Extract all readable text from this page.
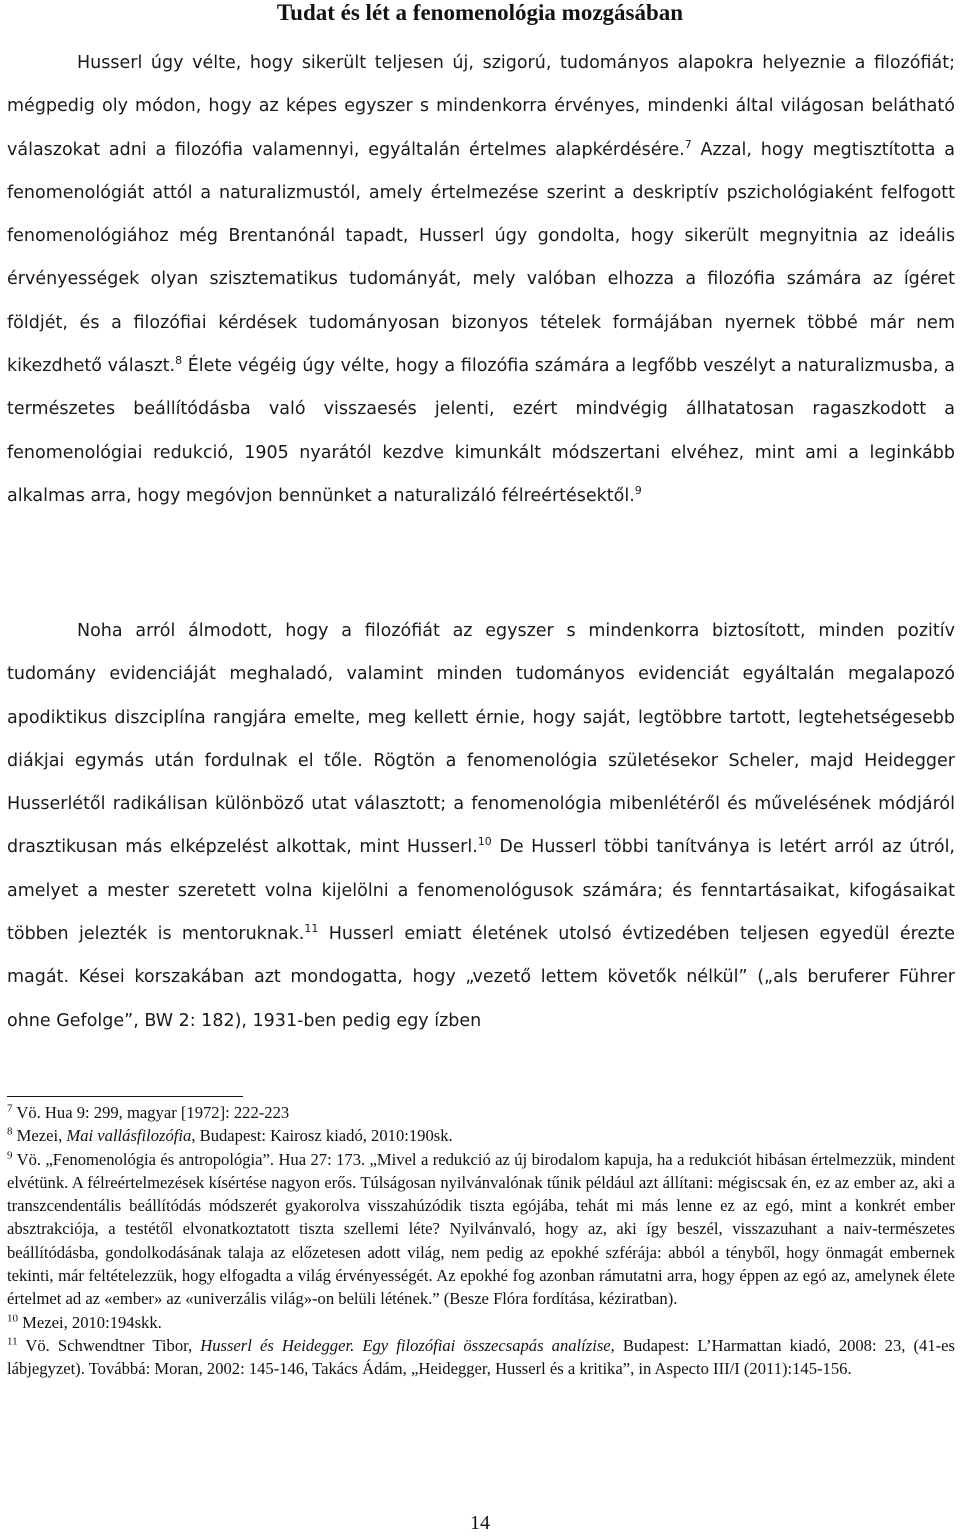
Tudat és lét a fenomenológia mozgásában

Husserl úgy vélte, hogy sikerült teljesen új, szigorú, tudományos alapokra helyeznie a filozófiát; mégpedig oly módon, hogy az képes egyszer s mindenkorra érvényes, mindenki által világosan belátható válaszokat adni a filozófia valamennyi, egyáltalán értelmes alapkérdésére.$^7$ Azzal, hogy megtisztította a fenomenológiát attól a naturalizmustól, amely értelmezése szerint a deskriptív pszichológiaként felfogott fenomenológiához még Brentanónál tapadt, Husserl úgy gondolta, hogy sikerült megnyitnia az ideális érvényességek olyan szisztematikus tudományát, mely valóban elhozza a filozófia számára az ígéret földjét, és a filozófiai kérdések tudományosan bizonyos tételek formájában nyernek többé már nem kikezdhető választ.$^8$ Élete végéig úgy vélte, hogy a filozófia számára a legfőbb veszélyt a naturalizmusba, a természetes beállítódásba való visszaesés jelenti, ezért mindvégig állhatatosan ragaszkodott a fenomenológiai redukció, 1905 nyarától kezdve kimunkált módszertani elvéhez, mint ami a leginkább alkalmas arra, hogy megóvjon bennünket a naturalizáló félreértésektől.$^9$

Noha arról álmodott, hogy a filozófiát az egyszer s mindenkorra biztosított, minden pozitív tudomány evidenciáját meghaladó, valamint minden tudományos evidenciát egyáltalán megalapozó apodiktikus diszciplína rangjára emelte, meg kellett érnie, hogy saját, legtöbbre tartott, legtehetségesebb diákjai egymás után fordulnak el tőle. Rögtön a fenomenológia születésekor Scheler, majd Heidegger Husserlétől radikálisan különböző utat választott; a fenomenológia mibenlétéről és művelésének módjáról drasztikusan más elképzelést alkottak, mint Husserl.$^{10}$ De Husserl többi tanítványa is letért arról az útról, amelyet a mester szeretett volna kijelölni a fenomenológusok számára; és fenntartásaikat, kifogásaikat többen jelezték is mentoruknak.$^{11}$ Husserl emiatt életének utolsó évtizedében teljesen egyedül érezte magát. Kései korszakában azt mondogatta, hogy „vezető lettem követők nélkül” („als beruferer Führer ohne Gefolge”, BW 2: 182), 1931-ben pedig egy ízben

$^7$ Vö. Hua 9: 299, magyar [1972]: 222-223

$^8$ Mezei, Mai vallásfilozófia, Budapest: Kairosz kiadó, 2010:190sk.

$^9$ Vö. „Fenomenológia és antropológia”. Hua 27: 173. „Mivel a redukció az új birodalom kapuja, ha a redukciót hibásan értelmezzük, mindent elvétünk. A félreértelmezések kísértése nagyon erős. Túlságosan nyilvánvalónak tűnik például azt állítani: mégiscsak én, ez az ember az, aki a transzcendentális beállítódás módszerét gyakorolva visszahúzódik tiszta egójába, tehát mi más lenne ez az egó, mint a konkrét ember absztrakciója, a testétől elvonatkoztatott tiszta szellemi léte? Nyilvánvaló, hogy az, aki így beszél, visszazuhant a naiv-természetes beállítódásba, gondolkodásának talaja az előzetesen adott világ, nem pedig az epokhé szférája: abból a tényből, hogy önmagát embernek tekinti, már feltételezzük, hogy elfogadta a világ érvényességét. Az epokhé fog azonban rámutatni arra, hogy éppen az egó az, amelynek élete értelmet ad az «ember» az «univerzális világ»-on belüli létének.” (Besze Flóra fordítása, kéziratban).

$^{10}$ Mezei, 2010:194skk.

$^{11}$ Vö. Schwendtner Tibor, Husserl és Heidegger. Egy filozófiai összecsapás analízise, Budapest: L’Harmattan kiadó, 2008: 23, (41-es lábjegyzet). Továbbá: Moran, 2002: 145-146, Takács Ádám, „Heidegger, Husserl és a kritika”, in Aspecto III/I (2011):145-156.

14
